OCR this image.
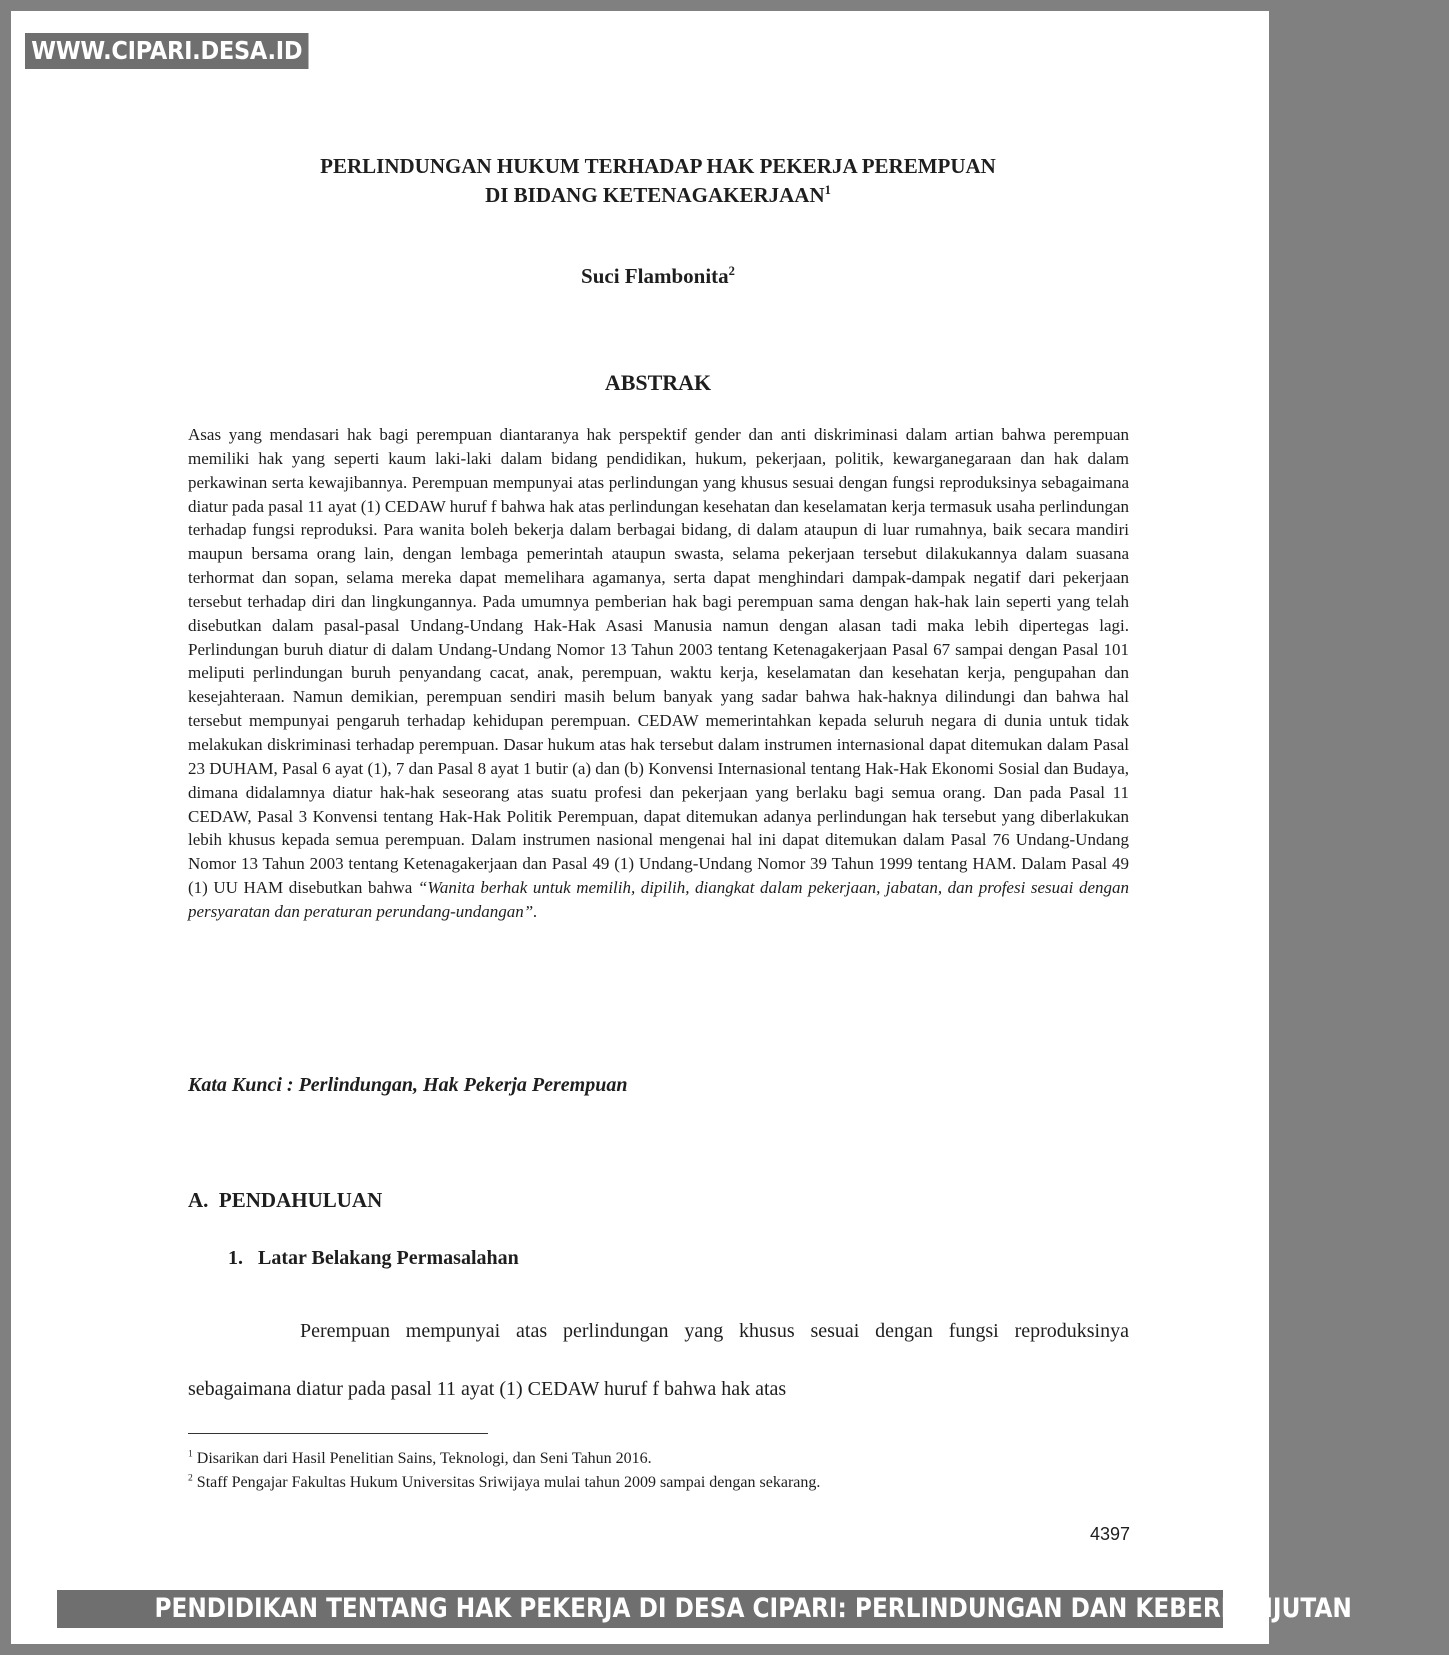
WWW.CIPARI.DESA.ID
PERLINDUNGAN HUKUM TERHADAP HAK PEKERJA PEREMPUAN
DI BIDANG KETENAGAKERJAAN$^1$
Suci Flambonita$^2$
ABSTRAK

Asas yang mendasari hak bagi perempuan diantaranya hak perspektif gender dan anti diskriminasi dalam artian bahwa perempuan memiliki hak yang seperti kaum laki-laki dalam bidang pendidikan, hukum, pekerjaan, politik, kewarganegaraan dan hak dalam perkawinan serta kewajibannya. Perempuan mempunyai atas perlindungan yang khusus sesuai dengan fungsi reproduksinya sebagaimana diatur pada pasal 11 ayat (1) CEDAW huruf f bahwa hak atas perlindungan kesehatan dan keselamatan kerja termasuk usaha perlindungan terhadap fungsi reproduksi. Para wanita boleh bekerja dalam berbagai bidang, di dalam ataupun di luar rumahnya, baik secara mandiri maupun bersama orang lain, dengan lembaga pemerintah ataupun swasta, selama pekerjaan tersebut dilakukannya dalam suasana terhormat dan sopan, selama mereka dapat memelihara agamanya, serta dapat menghindari dampak-dampak negatif dari pekerjaan tersebut terhadap diri dan lingkungannya. Pada umumnya pemberian hak bagi perempuan sama dengan hak-hak lain seperti yang telah disebutkan dalam pasal-pasal Undang-Undang Hak-Hak Asasi Manusia namun dengan alasan tadi maka lebih dipertegas lagi. Perlindungan buruh diatur di dalam Undang-Undang Nomor 13 Tahun 2003 tentang Ketenagakerjaan Pasal 67 sampai dengan Pasal 101 meliputi perlindungan buruh penyandang cacat, anak, perempuan, waktu kerja, keselamatan dan kesehatan kerja, pengupahan dan kesejahteraan. Namun demikian, perempuan sendiri masih belum banyak yang sadar bahwa hak-haknya dilindungi dan bahwa hal tersebut mempunyai pengaruh terhadap kehidupan perempuan. CEDAW memerintahkan kepada seluruh negara di dunia untuk tidak melakukan diskriminasi terhadap perempuan. Dasar hukum atas hak tersebut dalam instrumen internasional dapat ditemukan dalam Pasal 23 DUHAM, Pasal 6 ayat (1), 7 dan Pasal 8 ayat 1 butir (a) dan (b) Konvensi Internasional tentang Hak-Hak Ekonomi Sosial dan Budaya, dimana didalamnya diatur hak-hak seseorang atas suatu profesi dan pekerjaan yang berlaku bagi semua orang. Dan pada Pasal 11 CEDAW, Pasal 3 Konvensi tentang Hak-Hak Politik Perempuan, dapat ditemukan adanya perlindungan hak tersebut yang diberlakukan lebih khusus kepada semua perempuan. Dalam instrumen nasional mengenai hal ini dapat ditemukan dalam Pasal 76 Undang-Undang Nomor 13 Tahun 2003 tentang Ketenagakerjaan dan Pasal 49 (1) Undang-Undang Nomor 39 Tahun 1999 tentang HAM. Dalam Pasal 49 (1) UU HAM disebutkan bahwa “Wanita berhak untuk memilih, dipilih, diangkat dalam pekerjaan, jabatan, dan profesi sesuai dengan persyaratan dan peraturan perundang-undangan”.

Kata Kunci : Perlindungan, Hak Pekerja Perempuan
A.  PENDAHULUAN
1.   Latar Belakang Permasalahan

Perempuan mempunyai atas perlindungan yang khusus sesuai dengan fungsi reproduksinya sebagaimana diatur pada pasal 11 ayat (1) CEDAW huruf f bahwa hak atas

$^1$ Disarikan dari Hasil Penelitian Sains, Teknologi, dan Seni Tahun 2016.
$^2$ Staff Pengajar Fakultas Hukum Universitas Sriwijaya mulai tahun 2009 sampai dengan sekarang.
4397
PENDIDIKAN TENTANG HAK PEKERJA DI DESA CIPARI: PERLINDUNGAN DAN KEBERLANJUTAN
